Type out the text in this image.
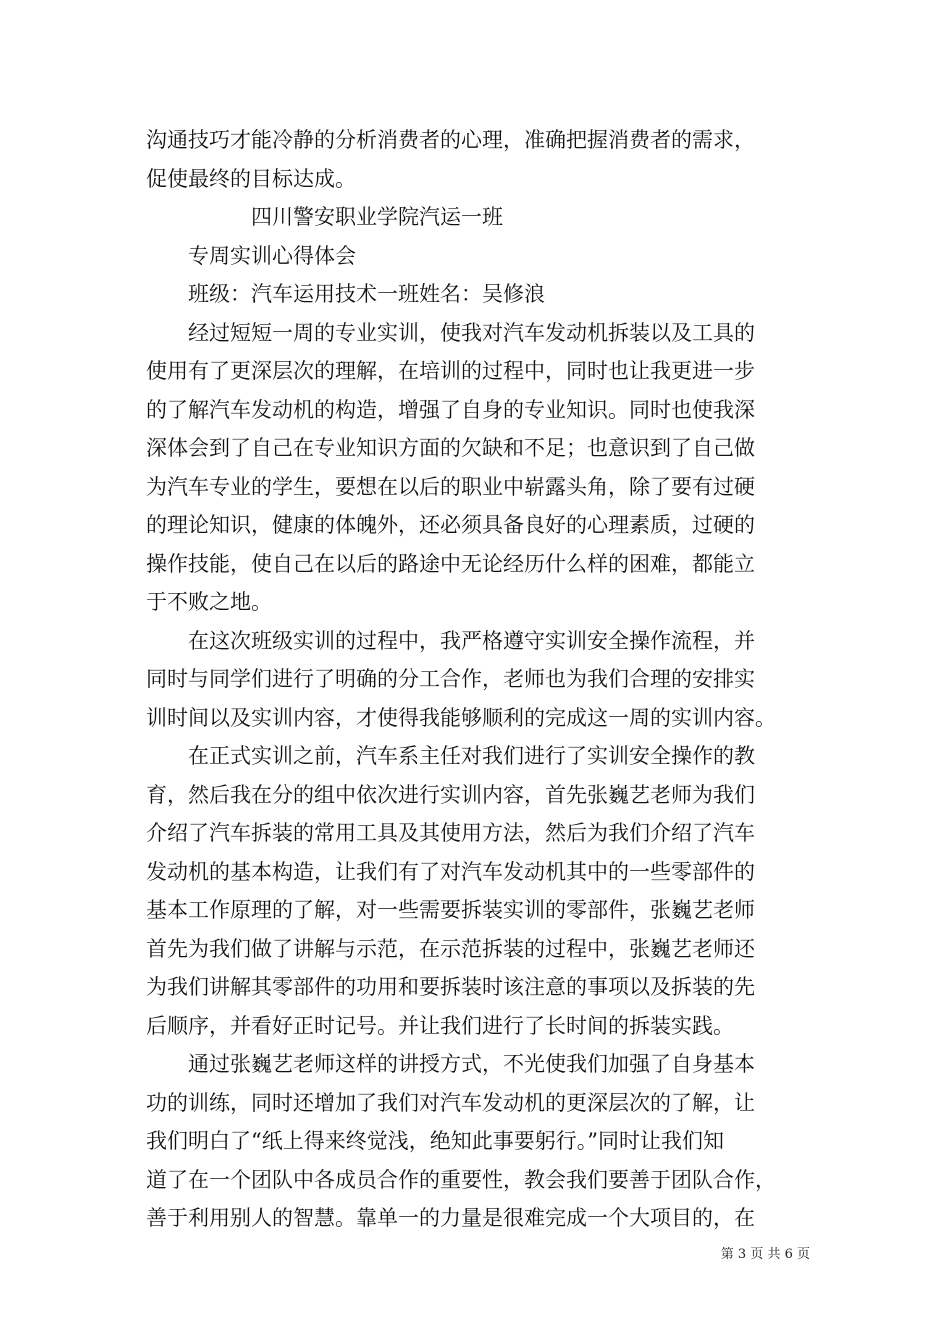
沟通技巧才能冷静的分析消费者的心理，准确把握消费者的需求，
促使最终的目标达成。
　　　　　四川警安职业学院汽运一班
　　专周实训心得体会
　　班级：汽车运用技术一班姓名：吴修浪
　　经过短短一周的专业实训，使我对汽车发动机拆装以及工具的
使用有了更深层次的理解，在培训的过程中，同时也让我更进一步
的了解汽车发动机的构造，增强了自身的专业知识。同时也使我深
深体会到了自己在专业知识方面的欠缺和不足；也意识到了自己做
为汽车专业的学生，要想在以后的职业中崭露头角，除了要有过硬
的理论知识，健康的体魄外，还必须具备良好的心理素质，过硬的
操作技能，使自己在以后的路途中无论经历什么样的困难，都能立
于不败之地。
　　在这次班级实训的过程中，我严格遵守实训安全操作流程，并
同时与同学们进行了明确的分工合作，老师也为我们合理的安排实
训时间以及实训内容，才使得我能够顺利的完成这一周的实训内容。
　　在正式实训之前，汽车系主任对我们进行了实训安全操作的教
育，然后我在分的组中依次进行实训内容，首先张巍艺老师为我们
介绍了汽车拆装的常用工具及其使用方法，然后为我们介绍了汽车
发动机的基本构造，让我们有了对汽车发动机其中的一些零部件的
基本工作原理的了解，对一些需要拆装实训的零部件，张巍艺老师
首先为我们做了讲解与示范，在示范拆装的过程中，张巍艺老师还
为我们讲解其零部件的功用和要拆装时该注意的事项以及拆装的先
后顺序，并看好正时记号。并让我们进行了长时间的拆装实践。
　　通过张巍艺老师这样的讲授方式，不光使我们加强了自身基本
功的训练，同时还增加了我们对汽车发动机的更深层次的了解，让
我们明白了“纸上得来终觉浅，绝知此事要躬行。”同时让我们知
道了在一个团队中各成员合作的重要性，教会我们要善于团队合作，
善于利用别人的智慧。靠单一的力量是很难完成一个大项目的，在
第 3 页 共 6 页
